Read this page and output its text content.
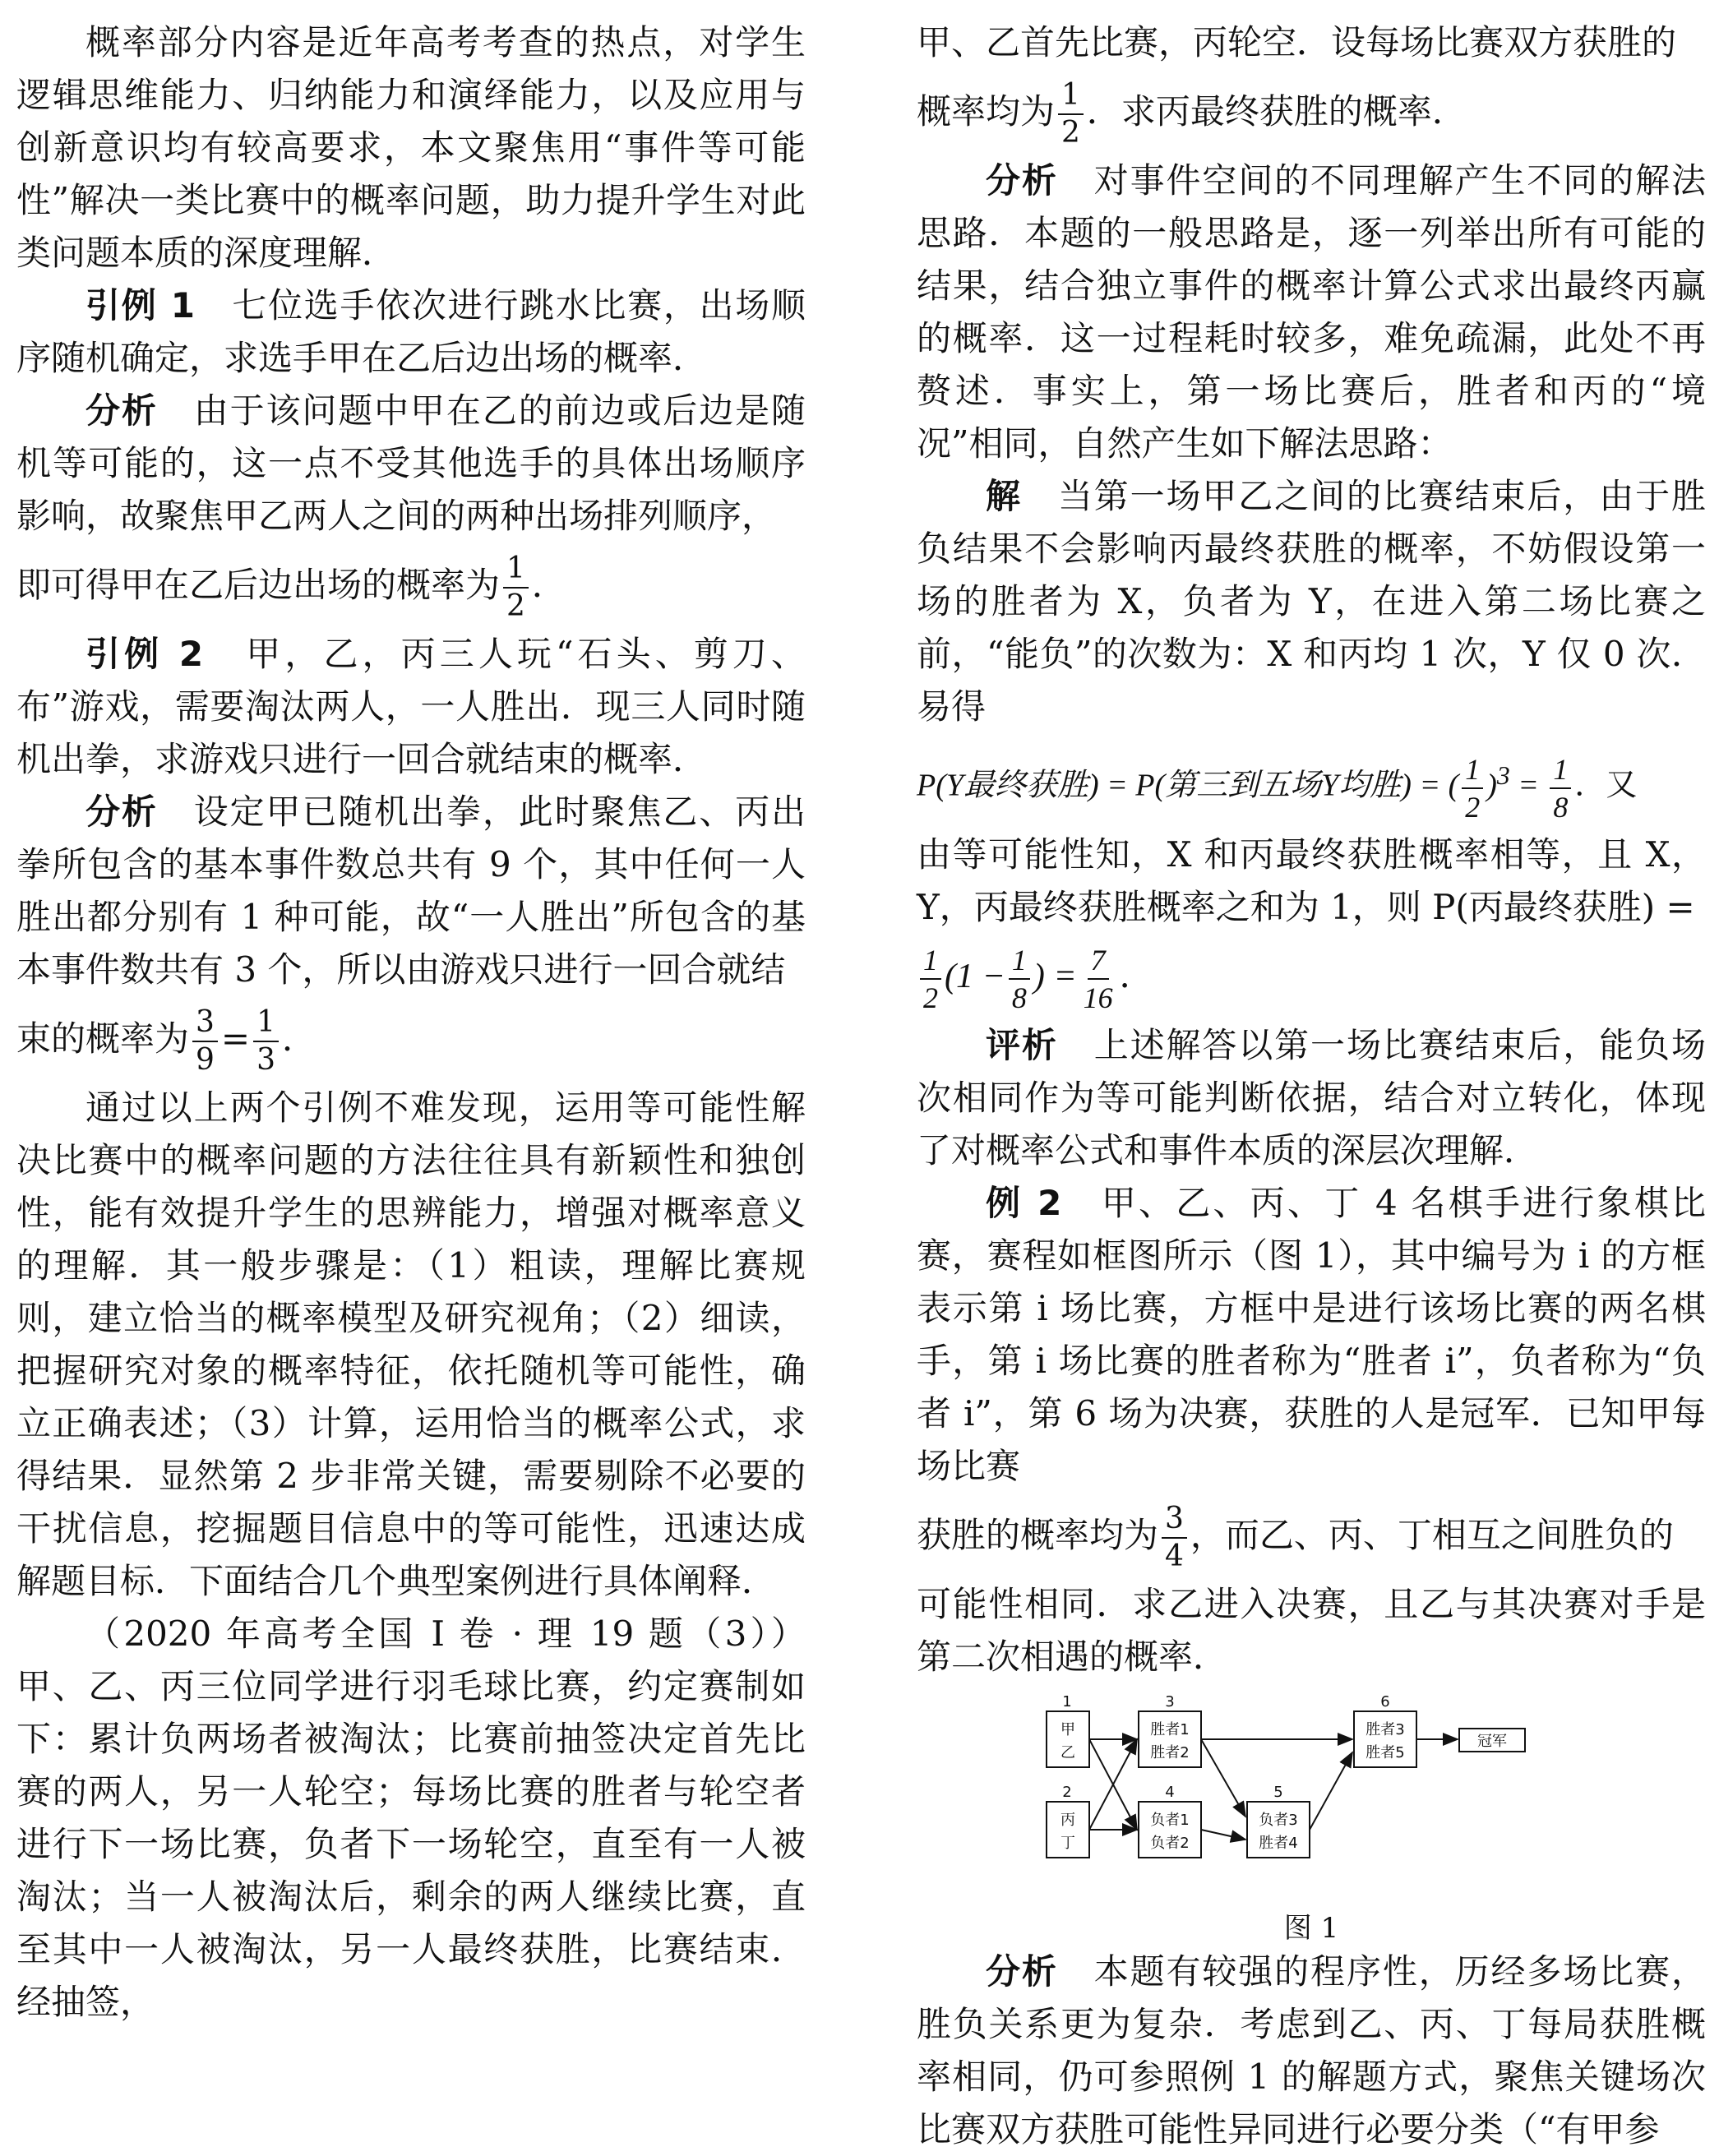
概率部分内容是近年高考考查的热点，对学生逻辑思维能力、归纳能力和演绎能力，以及应用与创新意识均有较高要求，本文聚焦用“事件等可能性”解决一类比赛中的概率问题，助力提升学生对此类问题本质的深度理解．

引例 1　 七位选手依次进行跳水比赛，出场顺序随机确定，求选手甲在乙后边出场的概率．

分析　 由于该问题中甲在乙的前边或后边是随机等可能的，这一点不受其他选手的具体出场顺序影响，故聚焦甲乙两人之间的两种出场排列顺序，

即可得甲在乙后边出场的概率为 $\frac{1}{2}$ ．

引例 2　 甲，乙，丙三人玩“石头、剪刀、布”游戏，需要淘汰两人，一人胜出．现三人同时随机出拳，求游戏只进行一回合就结束的概率．

分析　 设定甲已随机出拳，此时聚焦乙、丙出拳所包含的基本事件数总共有 9 个，其中任何一人胜出都分别有 1 种可能，故“一人胜出”所包含的基本事件数共有 3 个，所以由游戏只进行一回合就结

束的概率为 $\frac{3}{9} = \frac{1}{3}$ ．

通过以上两个引例不难发现，运用等可能性解决比赛中的概率问题的方法往往具有新颖性和独创性，能有效提升学生的思辨能力，增强对概率意义的理解．其一般步骤是：（1）粗读，理解比赛规则，建立恰当的概率模型及研究视角；（2）细读，把握研究对象的概率特征，依托随机等可能性，确立正确表述；（3）计算，运用恰当的概率公式，求得结果．显然第 2 步非常关键，需要剔除不必要的干扰信息，挖掘题目信息中的等可能性，迅速达成解题目标．下面结合几个典型案例进行具体阐释．

（2020 年高考全国 I 卷 · 理 19 题（3））甲、乙、丙三位同学进行羽毛球比赛，约定赛制如下：累计负两场者被淘汰；比赛前抽签决定首先比赛的两人，另一人轮空；每场比赛的胜者与轮空者进行下一场比赛，负者下一场轮空，直至有一人被淘汰；当一人被淘汰后，剩余的两人继续比赛，直至其中一人被淘汰，另一人最终获胜，比赛结束．经抽签，

甲、乙首先比赛，丙轮空．设每场比赛双方获胜的

概率均为 $\frac{1}{2}$ ．求丙最终获胜的概率．

分析　 对事件空间的不同理解产生不同的解法思路．本题的一般思路是，逐一列举出所有可能的结果，结合独立事件的概率计算公式求出最终丙赢的概率．这一过程耗时较多，难免疏漏，此处不再赘述．事实上，第一场比赛后，胜者和丙的“境况”相同，自然产生如下解法思路：

解　 当第一场甲乙之间的比赛结束后，由于胜负结果不会影响丙最终获胜的概率，不妨假设第一场的胜者为 X，负者为 Y，在进入第二场比赛之前，“能负”的次数为：X 和丙均 1 次，Y 仅 0 次．易得

P(Y最终获胜) = P(第三到五场Y均胜) = ( $\frac{1}{2} )^3 = \frac{1}{8}$ ．又

由等可能性知，X 和丙最终获胜概率相等，且 X，Y，丙最终获胜概率之和为 1，则 P(丙最终获胜) =

$\frac{1}{2} (1 - \frac{1}{8}$ ) = $\frac{7}{16}$ ．

评析　 上述解答以第一场比赛结束后，能负场次相同作为等可能判断依据，结合对立转化，体现了对概率公式和事件本质的深层次理解．

例 2　 甲、乙、丙、丁 4 名棋手进行象棋比赛，赛程如框图所示（图 1），其中编号为 i 的方框表示第 i 场比赛，方框中是进行该场比赛的两名棋手，第 i 场比赛的胜者称为“胜者 i”，负者称为“负者 i”，第 6 场为决赛，获胜的人是冠军．已知甲每场比赛

获胜的概率均为 $\frac{3}{4}$ ，而乙、丙、丁相互之间胜负的

可能性相同．求乙进入决赛，且乙与其决赛对手是第二次相遇的概率．

1
甲
乙
2
丙
丁
3
胜者1
胜者2
4
负者1
负者2
5
负者3
胜者4
6
胜者3
胜者5
冠军
图 1

分析　 本题有较强的程序性，历经多场比赛，胜负关系更为复杂．考虑到乙、丙、丁每局获胜概率相同，仍可参照例 1 的解题方式，聚焦关键场次比赛双方获胜可能性异同进行必要分类（“有甲参
